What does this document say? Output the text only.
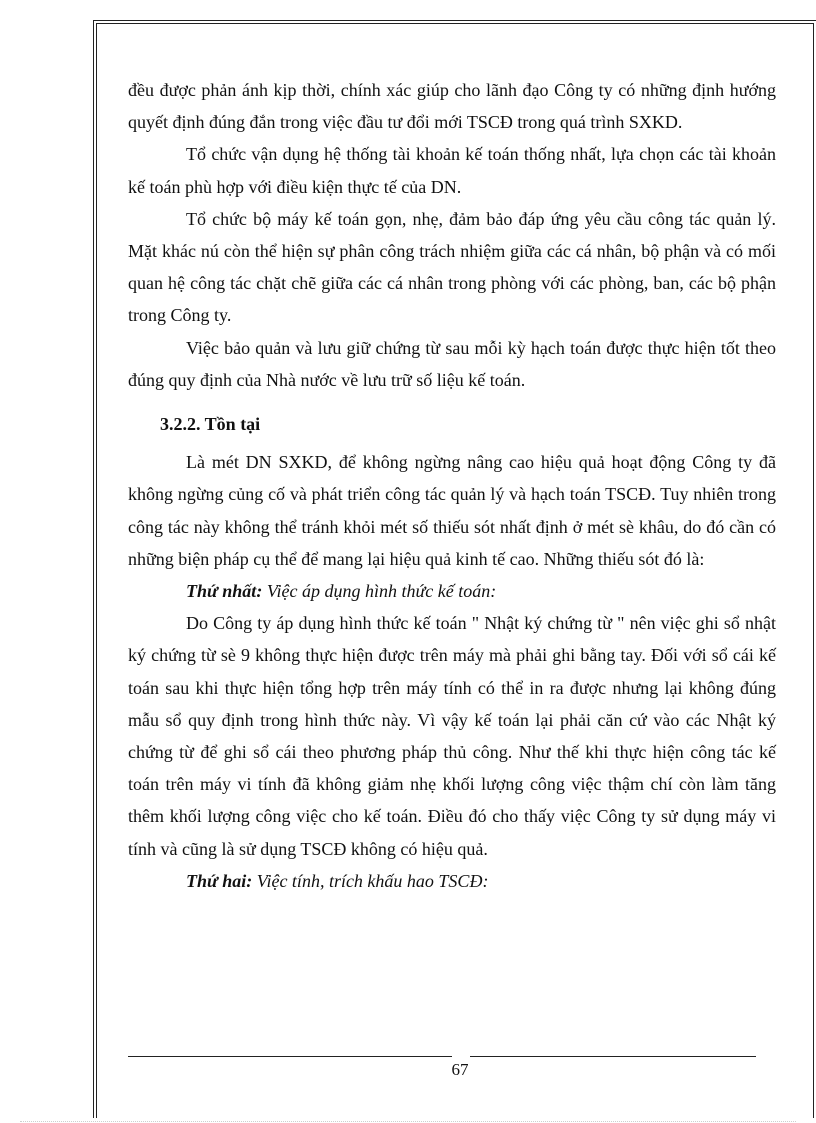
đều được phản ánh kịp thời, chính xác giúp cho lãnh đạo Công ty có những định hướng quyết định đúng đắn trong việc đầu tư đổi mới TSCĐ trong quá trình SXKD.

Tổ chức vận dụng hệ thống tài khoản kế toán thống nhất, lựa chọn các tài khoản kế toán phù hợp với điều kiện thực tế của DN.

Tổ chức bộ máy kế toán gọn, nhẹ, đảm bảo đáp ứng yêu cầu công tác quản lý. Mặt khác nú còn thể hiện sự phân công trách nhiệm giữa các cá nhân, bộ phận và có mối quan hệ công tác chặt chẽ giữa các cá nhân trong phòng với các phòng, ban, các bộ phận trong Công ty.

Việc bảo quản và lưu giữ chứng từ sau mỗi kỳ hạch toán được thực hiện tốt theo đúng quy định của Nhà nước về lưu trữ số liệu kế toán.

3.2.2. Tồn tại

Là mét DN SXKD, để không ngừng nâng cao hiệu quả hoạt động Công ty đã không ngừng củng cố và phát triển công tác quản lý và hạch toán TSCĐ. Tuy nhiên trong công tác này không thể tránh khỏi mét số thiếu sót nhất định ở mét sè khâu, do đó cần có những biện pháp cụ thể để mang lại hiệu quả kinh tế cao. Những thiếu sót đó là:

Thứ nhất: Việc áp dụng hình thức kế toán:

Do Công ty áp dụng hình thức kế toán " Nhật ký chứng từ " nên việc ghi sổ nhật ký chứng từ sè 9 không thực hiện được trên máy mà phải ghi bằng tay. Đối với sổ cái kế toán sau khi thực hiện tổng hợp trên máy tính có thể in ra được nhưng lại không đúng mẫu sổ quy định trong hình thức này. Vì vậy kế toán lại phải căn cứ vào các Nhật ký chứng từ để ghi sổ cái theo phương pháp thủ công. Như thế khi thực hiện công tác kế toán trên máy vi tính đã không giảm nhẹ khối lượng công việc thậm chí còn làm tăng thêm khối lượng công việc cho kế toán. Điều đó cho thấy việc Công ty sử dụng máy vi tính và cũng là sử dụng TSCĐ không có hiệu quả.

Thứ hai: Việc tính, trích khấu hao TSCĐ:

67
